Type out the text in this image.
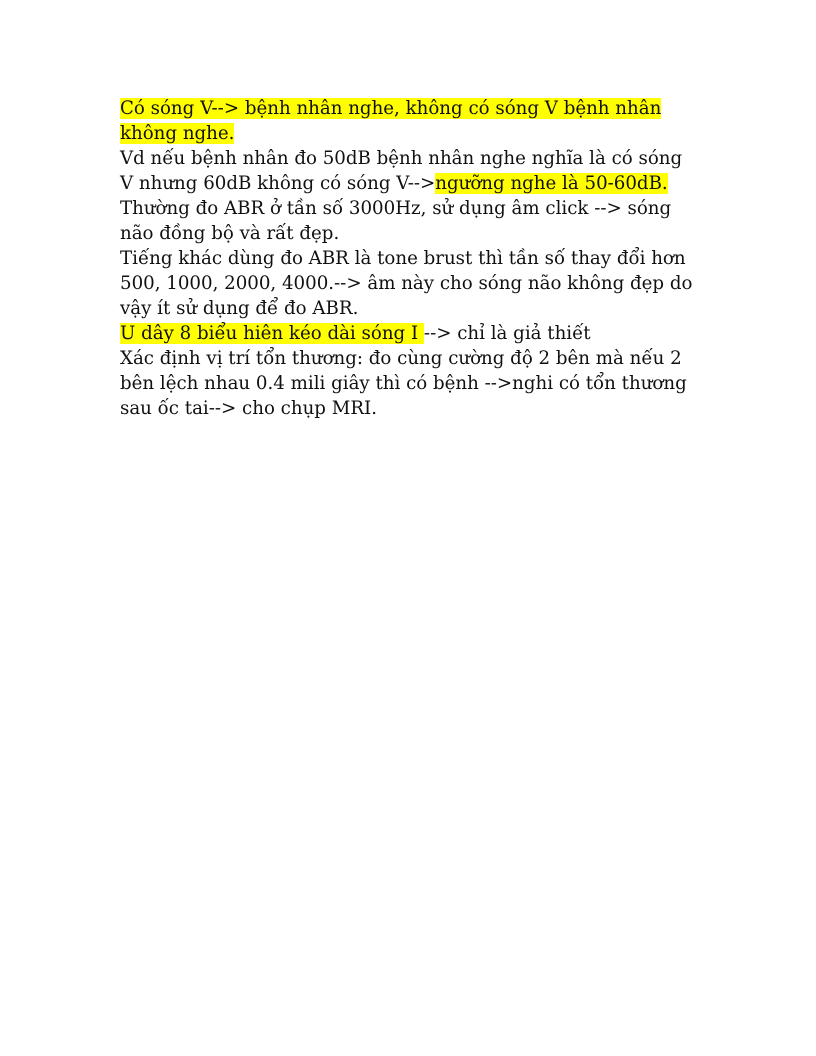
Có sóng V--> bệnh nhân nghe, không có sóng V bệnh nhân không nghe.

Vd nếu bệnh nhân đo 50dB bệnh nhân nghe nghĩa là có sóng V nhưng 60dB không có sóng V-->ngưỡng nghe là 50-60dB.

Thường đo ABR ở tần số 3000Hz, sử dụng âm click --> sóng não đồng bộ và rất đẹp.

Tiếng khác dùng đo ABR là tone brust thì tần số thay đổi hơn 500, 1000, 2000, 4000.--> âm này cho sóng não không đẹp do vậy ít sử dụng để đo ABR.

U dây 8 biểu hiên kéo dài sóng I --> chỉ là giả thiết

Xác định vị trí tổn thương: đo cùng cường độ 2 bên mà nếu 2 bên lệch nhau 0.4 mili giây thì có bệnh -->nghi có tổn thương sau ốc tai--> cho chụp MRI.
